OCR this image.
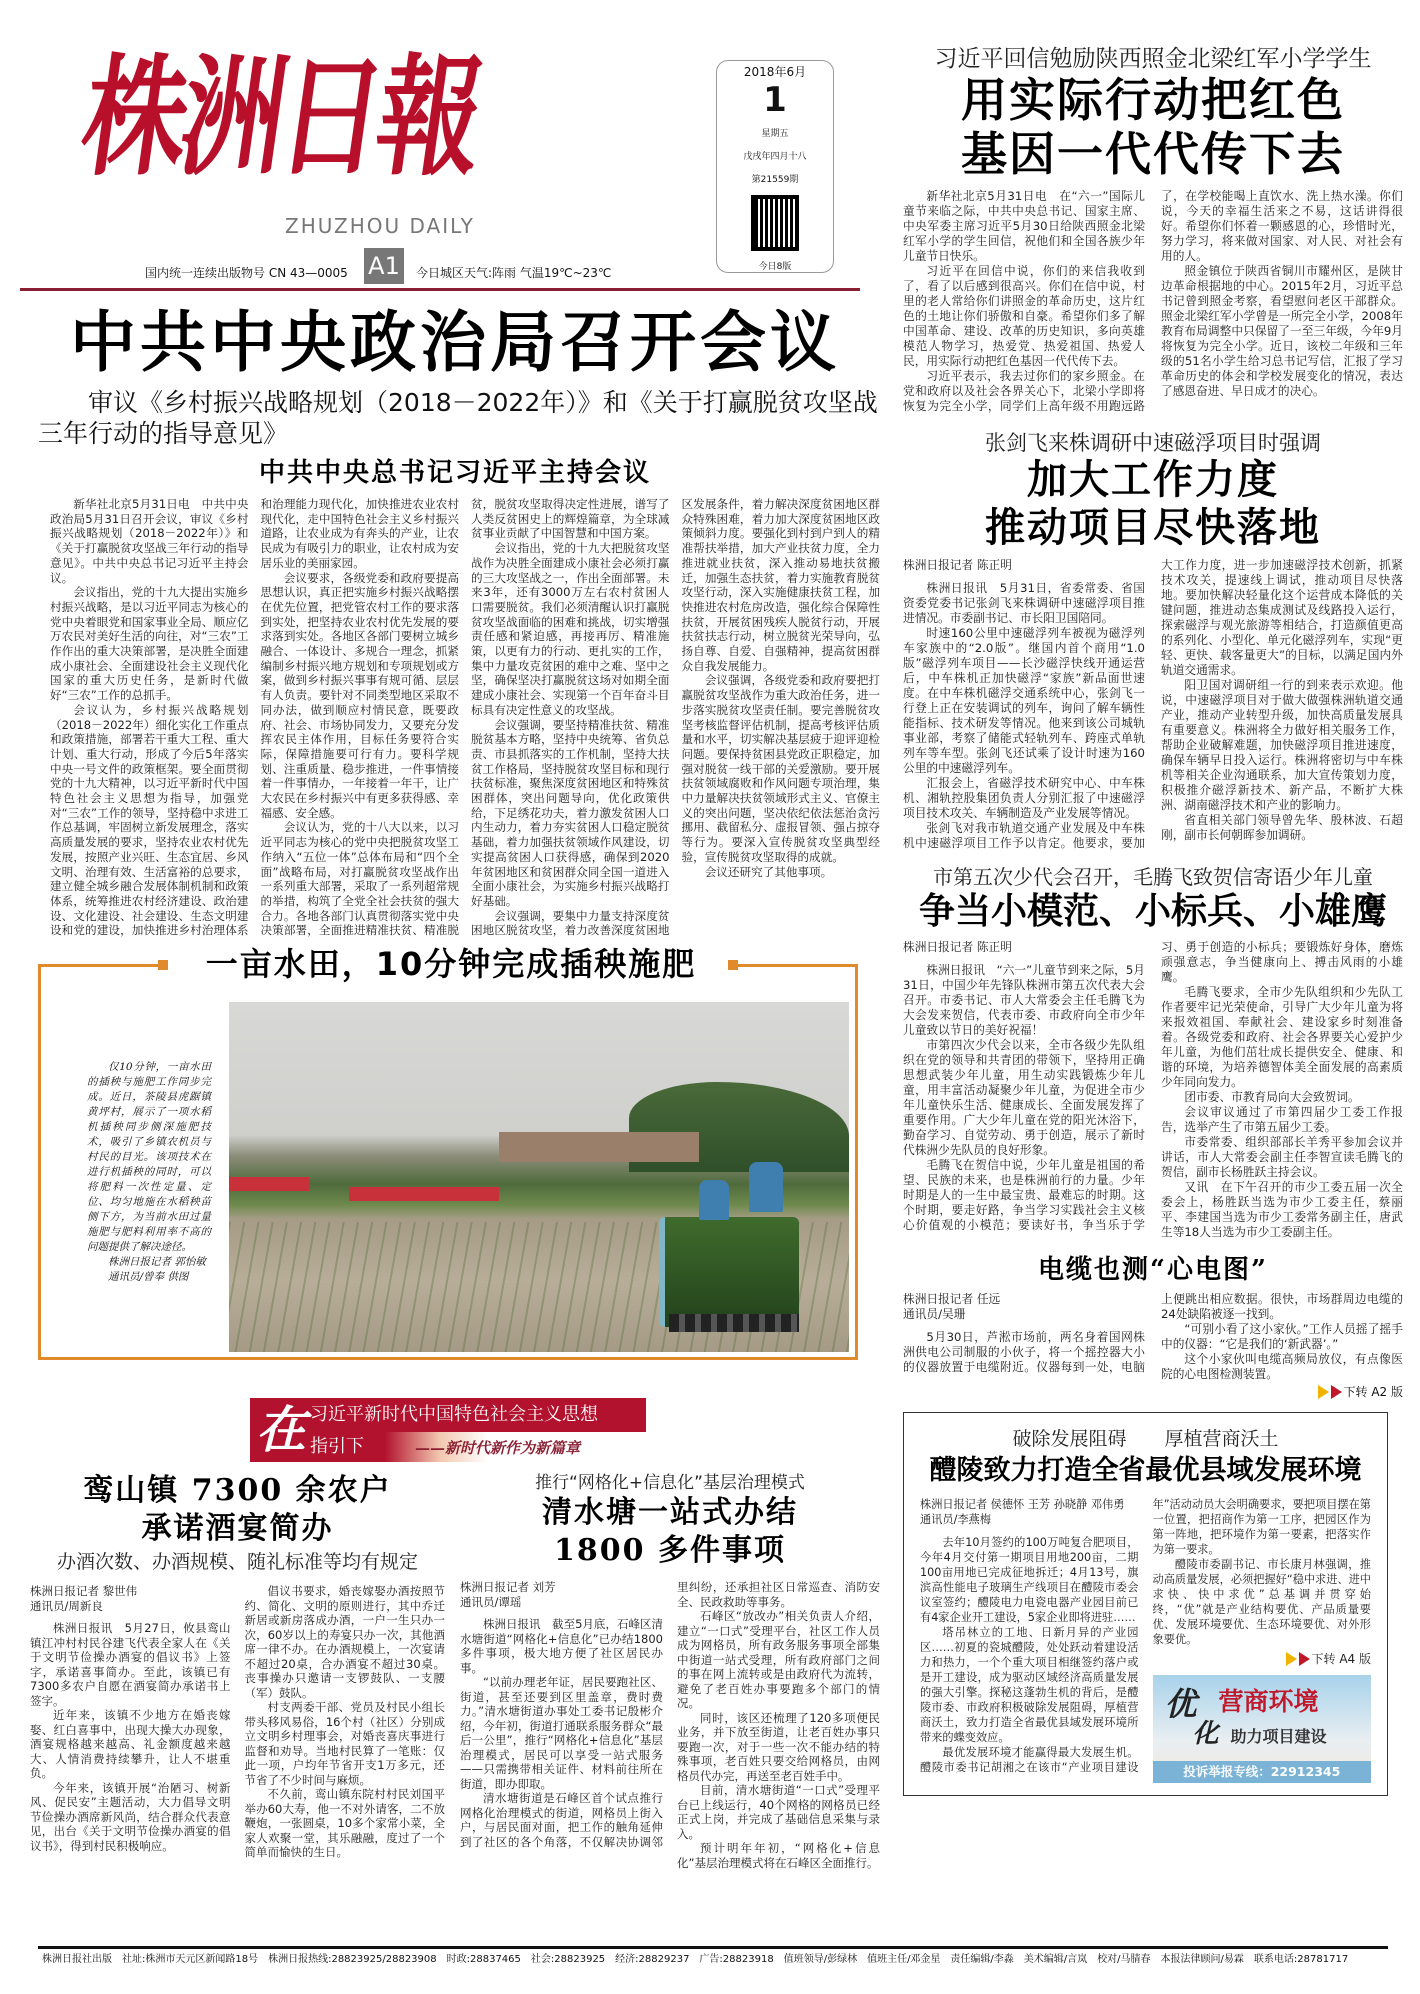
株洲日報
ZHUZHOU DAILY
国内统一连续出版物号 CN 43—0005 A1	今日城区天气:阵雨 气温19℃~23℃
2018年6月
1
星期五
戊戌年四月十八
第21559期
今日8版
中共中央政治局召开会议
审议《乡村振兴战略规划（2018－2022年）》和《关于打赢脱贫攻坚战三年行动的指导意见》
中共中央总书记习近平主持会议

新华社北京5月31日电　中共中央政治局5月31日召开会议，审议《乡村振兴战略规划（2018－2022年）》和《关于打赢脱贫攻坚战三年行动的指导意见》。中共中央总书记习近平主持会议。

会议指出，党的十九大提出实施乡村振兴战略，是以习近平同志为核心的党中央着眼党和国家事业全局、顺应亿万农民对美好生活的向往，对“三农”工作作出的重大决策部署，是决胜全面建成小康社会、全面建设社会主义现代化国家的重大历史任务，是新时代做好“三农”工作的总抓手。

会议认为，乡村振兴战略规划（2018－2022年）细化实化工作重点和政策措施，部署若干重大工程、重大计划、重大行动，形成了今后5年落实中央一号文件的政策框架。要全面贯彻党的十九大精神，以习近平新时代中国特色社会主义思想为指导，加强党对“三农”工作的领导，坚持稳中求进工作总基调，牢固树立新发展理念，落实高质量发展的要求，坚持农业农村优先发展，按照产业兴旺、生态宜居、乡风文明、治理有效、生活富裕的总要求，建立健全城乡融合发展体制机制和政策体系，统筹推进农村经济建设、政治建设、文化建设、社会建设、生态文明建设和党的建设，加快推进乡村治理体系和治理能力现代化，加快推进农业农村现代化，走中国特色社会主义乡村振兴道路，让农业成为有奔头的产业，让农民成为有吸引力的职业，让农村成为安居乐业的美丽家园。

会议要求，各级党委和政府要提高思想认识，真正把实施乡村振兴战略摆在优先位置，把党管农村工作的要求落到实处，把坚持农业农村优先发展的要求落到实处。各地区各部门要树立城乡融合、一体设计、多规合一理念，抓紧编制乡村振兴地方规划和专项规划或方案，做到乡村振兴事事有规可循、层层有人负责。要针对不同类型地区采取不同办法，做到顺应村情民意，既要政府、社会、市场协同发力，又要充分发挥农民主体作用，目标任务要符合实际，保障措施要可行有力。要科学规划、注重质量、稳步推进，一件事情接着一件事情办，一年接着一年干，让广大农民在乡村振兴中有更多获得感、幸福感、安全感。

会议认为，党的十八大以来，以习近平同志为核心的党中央把脱贫攻坚工作纳入“五位一体”总体布局和“四个全面”战略布局，对打赢脱贫攻坚战作出一系列重大部署，采取了一系列超常规的举措，构筑了全党全社会扶贫的强大合力。各地各部门认真贯彻落实党中央决策部署，全面推进精准扶贫、精准脱贫，脱贫攻坚取得决定性进展，谱写了人类反贫困史上的辉煌篇章，为全球减贫事业贡献了中国智慧和中国方案。

会议指出，党的十九大把脱贫攻坚战作为决胜全面建成小康社会必须打赢的三大攻坚战之一，作出全面部署。未来3年，还有3000万左右农村贫困人口需要脱贫。我们必须清醒认识打赢脱贫攻坚战面临的困难和挑战，切实增强责任感和紧迫感，再接再厉、精准施策，以更有力的行动、更扎实的工作，集中力量攻克贫困的难中之难、坚中之坚，确保坚决打赢脱贫这场对如期全面建成小康社会、实现第一个百年奋斗目标具有决定性意义的攻坚战。

会议强调，要坚持精准扶贫、精准脱贫基本方略，坚持中央统筹、省负总责、市县抓落实的工作机制，坚持大扶贫工作格局，坚持脱贫攻坚目标和现行扶贫标准，聚焦深度贫困地区和特殊贫困群体，突出问题导向，优化政策供给，下足绣花功夫，着力激发贫困人口内生动力，着力夯实贫困人口稳定脱贫基础，着力加强扶贫领域作风建设，切实提高贫困人口获得感，确保到2020年贫困地区和贫困群众同全国一道进入全面小康社会，为实施乡村振兴战略打好基础。

会议强调，要集中力量支持深度贫困地区脱贫攻坚，着力改善深度贫困地区发展条件，着力解决深度贫困地区群众特殊困难，着力加大深度贫困地区政策倾斜力度。要强化到村到户到人的精准帮扶举措，加大产业扶贫力度，全力推进就业扶贫，深入推动易地扶贫搬迁，加强生态扶贫，着力实施教育脱贫攻坚行动，深入实施健康扶贫工程，加快推进农村危房改造，强化综合保障性扶贫，开展贫困残疾人脱贫行动，开展扶贫扶志行动，树立脱贫光荣导向，弘扬自尊、自爱、自强精神，提高贫困群众自我发展能力。

会议强调，各级党委和政府要把打赢脱贫攻坚战作为重大政治任务，进一步落实脱贫攻坚责任制。要完善脱贫攻坚考核监督评估机制，提高考核评估质量和水平，切实解决基层疲于迎评迎检问题。要保持贫困县党政正职稳定，加强对脱贫一线干部的关爱激励。要开展扶贫领域腐败和作风问题专项治理，集中力量解决扶贫领域形式主义、官僚主义的突出问题，坚决依纪依法惩治贪污挪用、截留私分、虚报冒领、强占掠夺等行为。要深入宣传脱贫攻坚典型经验，宣传脱贫攻坚取得的成就。

会议还研究了其他事项。

一亩水田，10分钟完成插秧施肥

仅10分钟，一亩水田的插秧与施肥工作同步完成。近日，茶陵县虎踞镇黄坪村，展示了一项水稻机插秧同步侧深施肥技术，吸引了乡镇农机员与村民的目光。该项技术在进行机插秧的同时，可以将肥料一次性定量、定位、均匀地施在水稻秧苗侧下方，为当前水田过量施肥与肥料利用率不高的问题提供了解决途径。

株洲日报记者 郭怡敏

通讯员/曾奉 供图

在 习近平新时代中国特色社会主义思想
指引下	——新时代新作为新篇章
鸾山镇 7300 余农户
承诺酒宴简办
办酒次数、办酒规模、随礼标准等均有规定

株洲日报记者 黎世伟
通讯员/周新良

株洲日报讯　5月27日，攸县鸾山镇江冲村村民谷建飞代表全家人在《关于文明节俭操办酒宴的倡议书》上签字，承诺喜事简办。至此，该镇已有7300多农户自愿在酒宴简办承诺书上签字。

近年来，该镇不少地方在婚丧嫁娶、红白喜事中，出现大操大办现象，酒宴规格越来越高、礼金额度越来越大、人情消费持续攀升，让人不堪重负。

今年来，该镇开展“治陋习、树新风、促民安”主题活动，大力倡导文明节俭操办酒席新风尚，结合群众代表意见，出台《关于文明节俭操办酒宴的倡议书》，得到村民积极响应。

倡议书要求，婚丧嫁娶办酒按照节约、简化、文明的原则进行，其中乔迁新居或新房落成办酒，一户一生只办一次，60岁以上的寿宴只办一次，其他酒席一律不办。在办酒规模上，一次宴请不超过20桌，合办酒宴不超过30桌。丧事操办只邀请一支锣鼓队、一支腰（军）鼓队。

村支两委干部、党员及村民小组长带头移风易俗，16个村（社区）分别成立文明乡村理事会，对婚丧喜庆事进行监督和劝导。当地村民算了一笔账：仅此一项，户均年节省开支1万多元，还节省了不少时间与麻烦。

不久前，鸾山镇东院村村民刘国平举办60大寿，他一不对外请客，二不放鞭炮，一张圆桌，10多个家常小菜，全家人欢聚一堂，其乐融融，度过了一个简单而愉快的生日。

推行“网格化+信息化”基层治理模式
清水塘一站式办结
1800 多件事项

株洲日报记者 刘芳
通讯员/谭瑶

株洲日报讯　截至5月底，石峰区清水塘街道“网格化+信息化”已办结1800多件事项，极大地方便了社区居民办事。

“以前办理老年证，居民要跑社区、街道，甚至还要到区里盖章，费时费力。”清水塘街道办事处工委书记殷彬介绍，今年初，街道打通联系服务群众“最后一公里”，推行“网格化+信息化”基层治理模式，居民可以享受一站式服务——只需携带相关证件、材料前往所在街道，即办即取。

清水塘街道是石峰区首个试点推行网格化治理模式的街道，网格员上街入户，与居民面对面，把工作的触角延伸到了社区的各个角落，不仅解决协调邻里纠纷，还承担社区日常巡查、消防安全、民政救助等事务。

石峰区“放改办”相关负责人介绍，建立“一口式”受理平台，社区工作人员成为网格员，所有政务服务事项全部集中街道一站式受理，所有政府部门之间的事在网上流转或是由政府代为流转，避免了老百姓办事要跑多个部门的情况。

同时，该区还梳理了120多项便民业务，并下放至街道，让老百姓办事只要跑一次，对于一些一次不能办结的特殊事项，老百姓只要交给网格员，由网格员代办完，再送至老百姓手中。

目前，清水塘街道“一口式”受理平台已上线运行，40个网格的网格员已经正式上岗，并完成了基础信息采集与录入。

预计明年年初，“网格化+信息化”基层治理模式将在石峰区全面推行。

习近平回信勉励陕西照金北梁红军小学学生
用实际行动把红色
基因一代代传下去

新华社北京5月31日电　在“六一”国际儿童节来临之际，中共中央总书记、国家主席、中央军委主席习近平5月30日给陕西照金北梁红军小学的学生回信，祝他们和全国各族少年儿童节日快乐。

习近平在回信中说，你们的来信我收到了，看了以后感到很高兴。你们在信中说，村里的老人常给你们讲照金的革命历史，这片红色的土地让你们骄傲和自豪。希望你们多了解中国革命、建设、改革的历史知识，多向英雄模范人物学习，热爱党、热爱祖国、热爱人民，用实际行动把红色基因一代代传下去。

习近平表示，我去过你们的家乡照金。在党和政府以及社会各界关心下，北梁小学即将恢复为完全小学，同学们上高年级不用跑远路了，在学校能喝上直饮水、洗上热水澡。你们说，今天的幸福生活来之不易，这话讲得很好。希望你们怀着一颗感恩的心，珍惜时光，努力学习，将来做对国家、对人民、对社会有用的人。

照金镇位于陕西省铜川市耀州区，是陕甘边革命根据地的中心。2015年2月，习近平总书记曾到照金考察，看望慰问老区干部群众。照金北梁红军小学曾是一所完全小学，2008年教育布局调整中只保留了一至三年级，今年9月将恢复为完全小学。近日，该校二年级和三年级的51名小学生给习总书记写信，汇报了学习革命历史的体会和学校发展变化的情况，表达了感恩奋进、早日成才的决心。

张剑飞来株调研中速磁浮项目时强调
加大工作力度
推动项目尽快落地

株洲日报记者 陈正明

株洲日报讯　5月31日，省委常委、省国资委党委书记张剑飞来株调研中速磁浮项目推进情况。市委副书记、市长阳卫国陪同。

时速160公里中速磁浮列车被视为磁浮列车家族中的“2.0版”。继国内首个商用“1.0版”磁浮列车项目——长沙磁浮快线开通运营后，中车株机正加快磁浮“家族”新品面世速度。在中车株机磁浮交通系统中心，张剑飞一行登上正在安装调试的列车，询问了解车辆性能指标、技术研发等情况。他来到该公司城轨事业部，考察了储能式轻轨列车、跨座式单轨列车等车型。张剑飞还试乘了设计时速为160公里的中速磁浮列车。

汇报会上，省磁浮技术研究中心、中车株机、湘轨控股集团负责人分别汇报了中速磁浮项目技术攻关、车辆制造及产业发展等情况。

张剑飞对我市轨道交通产业发展及中车株机中速磁浮项目工作予以肯定。他要求，要加大工作力度，进一步加速磁浮技术创新，抓紧技术攻关，提速线上调试，推动项目尽快落地。要加快解决轻量化这个运营成本降低的关键问题，推进动态集成测试及线路投入运行，探索磁浮与观光旅游等相结合，打造颜值更高的系列化、小型化、单元化磁浮列车，实现“更轻、更快、载客量更大”的目标，以满足国内外轨道交通需求。

阳卫国对调研组一行的到来表示欢迎。他说，中速磁浮项目对于做大做强株洲轨道交通产业，推动产业转型升级，加快高质量发展具有重要意义。株洲将全力做好相关服务工作，帮助企业破解难题，加快磁浮项目推进速度，确保车辆早日投入运行。株洲将密切与中车株机等相关企业沟通联系，加大宣传策划力度，积极推介磁浮新技术、新产品，不断扩大株洲、湖南磁浮技术和产业的影响力。

省直相关部门领导曾先华、殷林波、石超刚，副市长何朝晖参加调研。

市第五次少代会召开，毛腾飞致贺信寄语少年儿童
争当小模范、小标兵、小雄鹰

株洲日报记者 陈正明

株洲日报讯　“六一”儿童节到来之际，5月31日，中国少年先锋队株洲市第五次代表大会召开。市委书记、市人大常委会主任毛腾飞为大会发来贺信，代表市委、市政府向全市少年儿童致以节日的美好祝福！

市第四次少代会以来，全市各级少先队组织在党的领导和共青团的带领下，坚持用正确思想武装少年儿童，用生动实践锻炼少年儿童，用丰富活动凝聚少年儿童，为促进全市少年儿童快乐生活、健康成长、全面发展发挥了重要作用。广大少年儿童在党的阳光沐浴下，勤奋学习、自觉劳动、勇于创造，展示了新时代株洲少先队员的良好形象。

毛腾飞在贺信中说，少年儿童是祖国的希望、民族的未来，也是株洲前行的力量。少年时期是人的一生中最宝贵、最难忘的时期。这个时期，要走好路，争当学习实践社会主义核心价值观的小模范；要读好书，争当乐于学习、勇于创造的小标兵；要锻炼好身体，磨炼顽强意志，争当健康向上、搏击风雨的小雄鹰。

毛腾飞要求，全市少先队组织和少先队工作者要牢记光荣使命，引导广大少年儿童为将来报效祖国、奉献社会、建设家乡时刻准备着。各级党委和政府、社会各界要关心爱护少年儿童，为他们茁壮成长提供安全、健康、和谐的环境，为培养德智体美全面发展的高素质少年同向发力。

团市委、市教育局向大会致贺词。

会议审议通过了市第四届少工委工作报告，选举产生了市第五届少工委。

市委常委、组织部部长羊秀平参加会议并讲话，市人大常委会副主任李智宣读毛腾飞的贺信，副市长杨胜跃主持会议。

又讯　在下午召开的市少工委五届一次全委会上，杨胜跃当选为市少工委主任，蔡丽平、李建国当选为市少工委常务副主任，唐武生等18人当选为市少工委副主任。

电缆也测“心电图”

株洲日报记者 任远
通讯员/吴珊

5月30日，芦淞市场前，两名身着国网株洲供电公司制服的小伙子，将一个摇控器大小的仪器放置于电缆附近。仪器每到一处，电脑上便跳出相应数据。很快，市场群周边电缆的24处缺陷被逐一找到。

“可别小看了这小家伙。”工作人员摇了摇手中的仪器：“它是我们的‘新武器’。”

这个小家伙叫电缆高频局放仪，有点像医院的心电图检测装置。

下转 A2 版
破除发展阻碍　　厚植营商沃土
醴陵致力打造全省最优县域发展环境

株洲日报记者 侯德怀 王芳 孙晓静 邓伟勇
通讯员/李燕梅

去年10月签约的100万吨复合肥项目，今年4月交付第一期项目用地200亩，二期100亩用地已完成征地拆迁；4月13号，旗滨高性能电子玻璃生产线项目在醴陵市委会议室签约；醴陵电力电瓷电器产业园目前已有4家企业开工建设，5家企业即将进驻……

塔吊林立的工地、日新月异的产业园区……初夏的瓷城醴陵，处处跃动着建设活力和热力，一个个重大项目相继签约落户或是开工建设，成为驱动区域经济高质量发展的强大引擎。探秘这蓬勃生机的背后，是醴陵市委、市政府积极破除发展阻碍，厚植营商沃土，致力打造全省最优县域发展环境所带来的蝶变效应。

最优发展环境才能赢得最大发展生机。醴陵市委书记胡湘之在该市“产业项目建设年”活动动员大会明确要求，要把项目摆在第一位置，把招商作为第一工序，把园区作为第一阵地，把环境作为第一要素，把落实作为第一要求。

醴陵市委副书记、市长康月林强调，推动高质量发展，必须把握好“稳中求进、进中求快、快中求优”总基调并贯穿始终，“优”就是产业结构要优、产品质量要优、发展环境要优、生态环境要优、对外形象要优。

下转 A4 版
优
化
营商环境
助力项目建设
投诉举报专线：22912345
株洲日报社出版　社址:株洲市天元区新闻路18号　株洲日报热线:28823925/28823908　时政:28837465　社会:28823925　经济:28829237　广告:28823918　值班领导/彭绿林　值班主任/邓金星　责任编辑/李淼　美术编辑/言岚　校对/马腈春　本报法律顾问/易霖　联系电话:28781717
